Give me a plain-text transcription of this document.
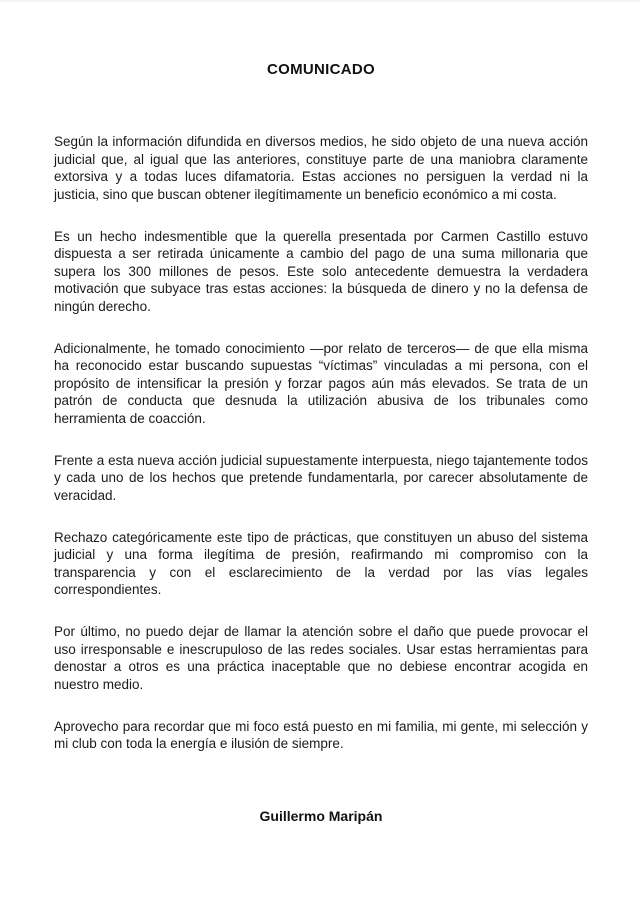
COMUNICADO

Según la información difundida en diversos medios, he sido objeto de una nueva acción judicial que, al igual que las anteriores, constituye parte de una maniobra claramente extorsiva y a todas luces difamatoria. Estas acciones no persiguen la verdad ni la justicia, sino que buscan obtener ilegítimamente un beneficio económico a mi costa.

Es un hecho indesmentible que la querella presentada por Carmen Castillo estuvo dispuesta a ser retirada únicamente a cambio del pago de una suma millonaria que supera los 300 millones de pesos. Este solo antecedente demuestra la verdadera motivación que subyace tras estas acciones: la búsqueda de dinero y no la defensa de ningún derecho.

Adicionalmente, he tomado conocimiento —por relato de terceros— de que ella misma ha reconocido estar buscando supuestas “víctimas” vinculadas a mi persona, con el propósito de intensificar la presión y forzar pagos aún más elevados. Se trata de un patrón de conducta que desnuda la utilización abusiva de los tribunales como herramienta de coacción.

Frente a esta nueva acción judicial supuestamente interpuesta, niego tajantemente todos y cada uno de los hechos que pretende fundamentarla, por carecer absolutamente de veracidad.

Rechazo categóricamente este tipo de prácticas, que constituyen un abuso del sistema judicial y una forma ilegítima de presión, reafirmando mi compromiso con la transparencia y con el esclarecimiento de la verdad por las vías legales correspondientes.

Por último, no puedo dejar de llamar la atención sobre el daño que puede provocar el uso irresponsable e inescrupuloso de las redes sociales. Usar estas herramientas para denostar a otros es una práctica inaceptable que no debiese encontrar acogida en nuestro medio.

Aprovecho para recordar que mi foco está puesto en mi familia, mi gente, mi selección y mi club con toda la energía e ilusión de siempre.

Guillermo Maripán
